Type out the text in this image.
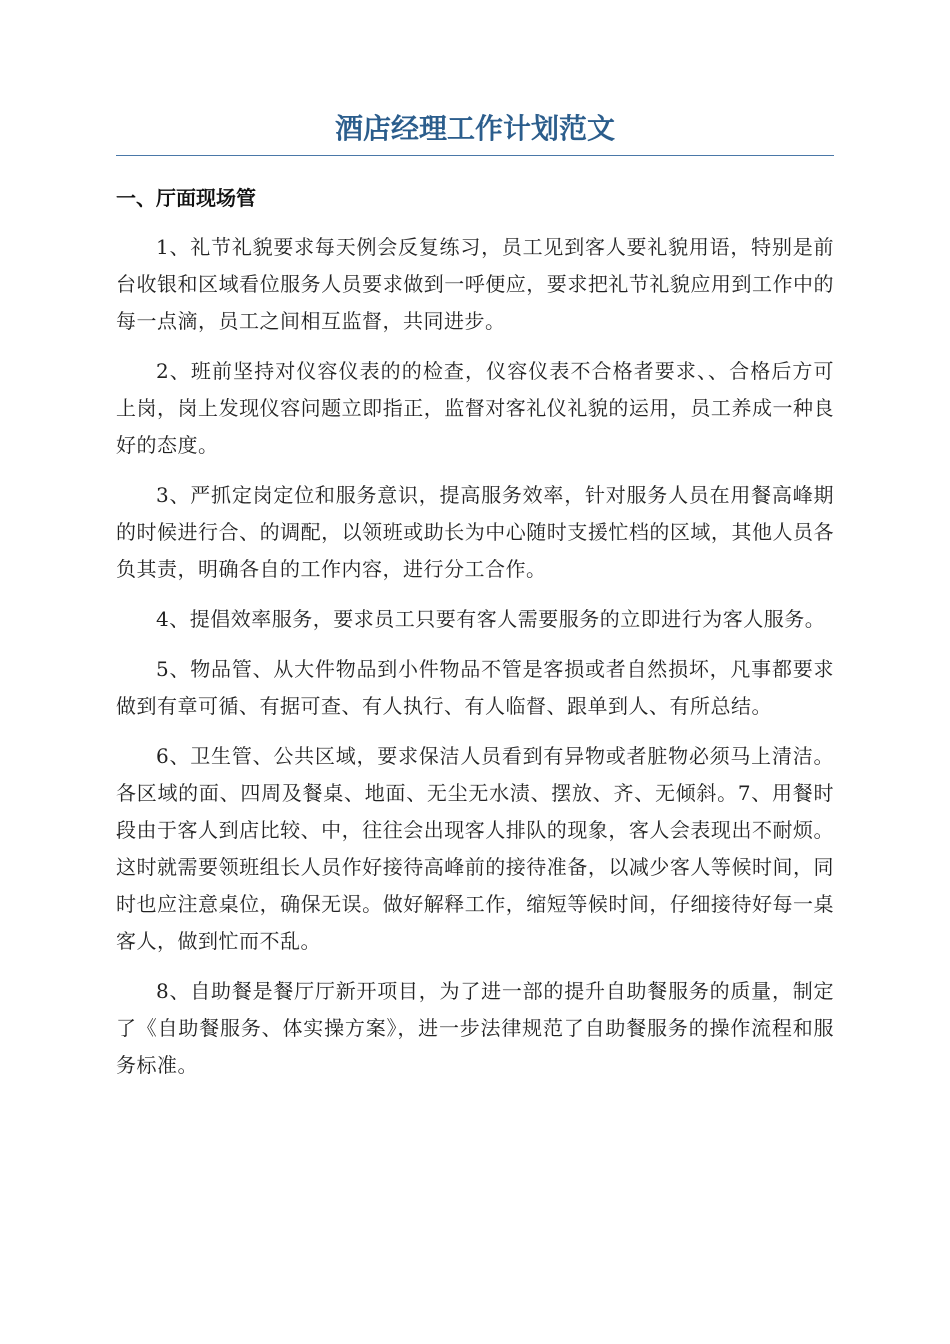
酒店经理工作计划范文
一、厅面现场管

1、礼节礼貌要求每天例会反复练习，员工见到客人要礼貌用语，特别是前台收银和区域看位服务人员要求做到一呼便应，要求把礼节礼貌应用到工作中的每一点滴，员工之间相互监督，共同进步。

2、班前坚持对仪容仪表的的检查，仪容仪表不合格者要求、、合格后方可上岗，岗上发现仪容问题立即指正，监督对客礼仪礼貌的运用，员工养成一种良好的态度。

3、严抓定岗定位和服务意识，提高服务效率，针对服务人员在用餐高峰期的时候进行合、的调配，以领班或助长为中心随时支援忙档的区域，其他人员各负其责，明确各自的工作内容，进行分工合作。

4、提倡效率服务，要求员工只要有客人需要服务的立即进行为客人服务。

5、物品管、从大件物品到小件物品不管是客损或者自然损坏，凡事都要求做到有章可循、有据可查、有人执行、有人临督、跟单到人、有所总结。

6、卫生管、公共区域，要求保洁人员看到有异物或者脏物必须马上清洁。各区域的面、四周及餐桌、地面、无尘无水渍、摆放、齐、无倾斜。7、用餐时段由于客人到店比较、中，往往会出现客人排队的现象，客人会表现出不耐烦。这时就需要领班组长人员作好接待高峰前的接待准备，以减少客人等候时间，同时也应注意桌位，确保无误。做好解释工作，缩短等候时间，仔细接待好每一桌客人，做到忙而不乱。

8、自助餐是餐厅厅新开项目，为了进一部的提升自助餐服务的质量，制定了《自助餐服务、体实操方案》，进一步法律规范了自助餐服务的操作流程和服务标准。
